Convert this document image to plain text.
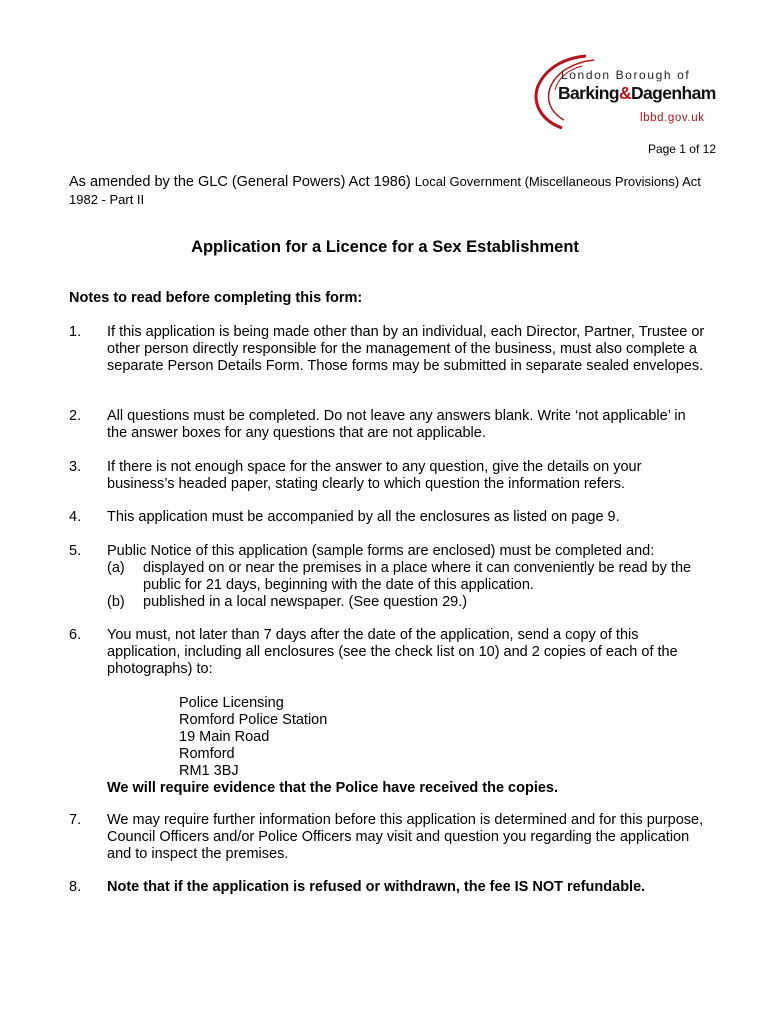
London Borough of
Barking&Dagenham
lbbd.gov.uk
Page 1 of 12
As amended by the GLC (General Powers) Act 1986) Local Government (Miscellaneous Provisions) Act 1982 - Part II
Application for a Licence for a Sex Establishment
Notes to read before completing this form:
1. If this application is being made other than by an individual, each Director, Partner, Trustee or other person directly responsible for the management of the business, must also complete a separate Person Details Form. Those forms may be submitted in separate sealed envelopes.
2. All questions must be completed. Do not leave any answers blank. Write ‘not applicable’ in the answer boxes for any questions that are not applicable.
3. If there is not enough space for the answer to any question, give the details on your business’s headed paper, stating clearly to which question the information refers.
4. This application must be accompanied by all the enclosures as listed on page 9.
5. Public Notice of this application (sample forms are enclosed) must be completed and:
(a) displayed on or near the premises in a place where it can conveniently be read by the public for 21 days, beginning with the date of this application.
(b) published in a local newspaper. (See question 29.)
6. You must, not later than 7 days after the date of the application, send a copy of this application, including all enclosures (see the check list on 10) and 2 copies of each of the photographs) to:
Police Licensing
Romford Police Station
19 Main Road
Romford
RM1 3BJ
We will require evidence that the Police have received the copies.
7. We may require further information before this application is determined and for this purpose, Council Officers and/or Police Officers may visit and question you regarding the application and to inspect the premises.
8. Note that if the application is refused or withdrawn, the fee IS NOT refundable.
